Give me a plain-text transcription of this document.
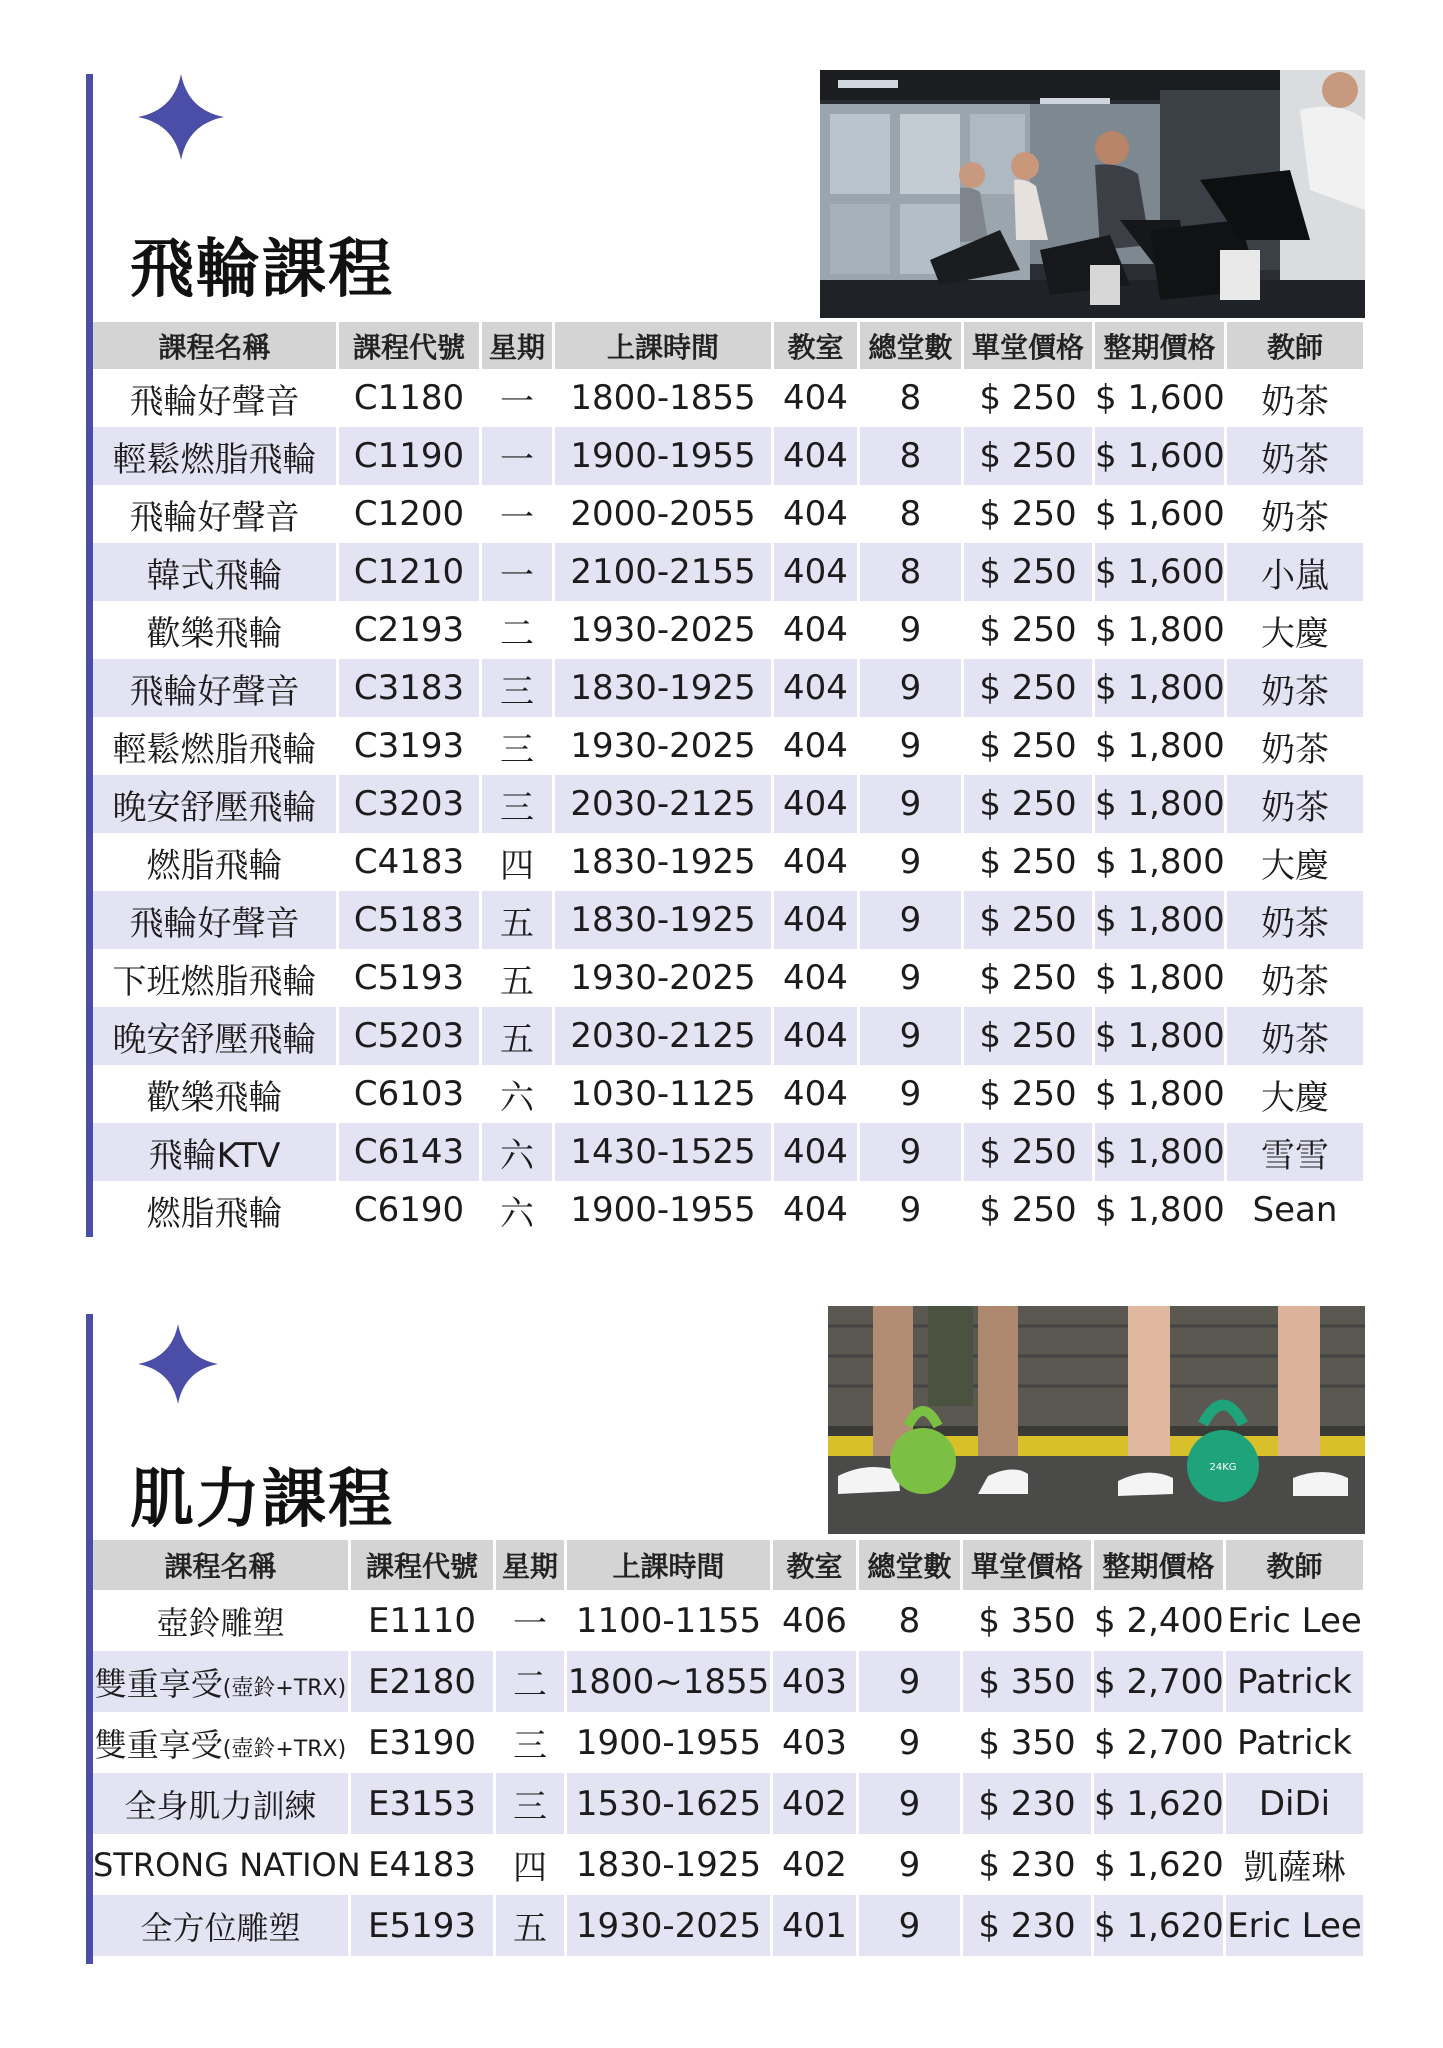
飛輪課程
課程名稱	課程代號	星期	上課時間	教室	總堂數	單堂價格	整期價格	教師
飛輪好聲音	C1180	一	1800-1855	404	8	$ 250	$ 1,600	奶茶
輕鬆燃脂飛輪	C1190	一	1900-1955	404	8	$ 250	$ 1,600	奶茶
飛輪好聲音	C1200	一	2000-2055	404	8	$ 250	$ 1,600	奶茶
韓式飛輪	C1210	一	2100-2155	404	8	$ 250	$ 1,600	小嵐
歡樂飛輪	C2193	二	1930-2025	404	9	$ 250	$ 1,800	大慶
飛輪好聲音	C3183	三	1830-1925	404	9	$ 250	$ 1,800	奶茶
輕鬆燃脂飛輪	C3193	三	1930-2025	404	9	$ 250	$ 1,800	奶茶
晚安舒壓飛輪	C3203	三	2030-2125	404	9	$ 250	$ 1,800	奶茶
燃脂飛輪	C4183	四	1830-1925	404	9	$ 250	$ 1,800	大慶
飛輪好聲音	C5183	五	1830-1925	404	9	$ 250	$ 1,800	奶茶
下班燃脂飛輪	C5193	五	1930-2025	404	9	$ 250	$ 1,800	奶茶
晚安舒壓飛輪	C5203	五	2030-2125	404	9	$ 250	$ 1,800	奶茶
歡樂飛輪	C6103	六	1030-1125	404	9	$ 250	$ 1,800	大慶
飛輪KTV	C6143	六	1430-1525	404	9	$ 250	$ 1,800	雪雪
燃脂飛輪	C6190	六	1900-1955	404	9	$ 250	$ 1,800	Sean
肌力課程	24KG
課程名稱	課程代號	星期	上課時間	教室	總堂數	單堂價格	整期價格	教師
壺鈴雕塑	E1110	一	1100-1155	406	8	$ 350	$ 2,400	Eric Lee
雙重享受(壺鈴+TRX)	E2180	二	1800~1855	403	9	$ 350	$ 2,700	Patrick
雙重享受(壺鈴+TRX)	E3190	三	1900-1955	403	9	$ 350	$ 2,700	Patrick
全身肌力訓練	E3153	三	1530-1625	402	9	$ 230	$ 1,620	DiDi
STRONG NATION	E4183	四	1830-1925	402	9	$ 230	$ 1,620	凱薩琳
全方位雕塑	E5193	五	1930-2025	401	9	$ 230	$ 1,620	Eric Lee
